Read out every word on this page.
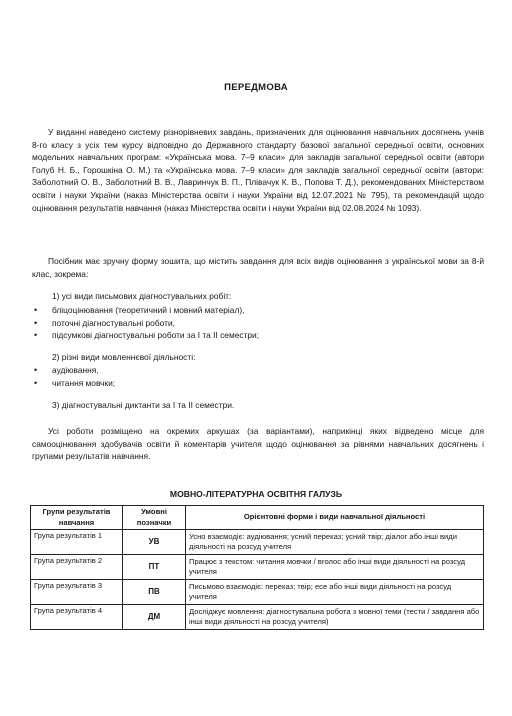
ПЕРЕДМОВА

У виданні наведено систему різнорівневих завдань, призначених для оцінювання навчальних досягнень учнів 8-го класу з усіх тем курсу відповідно до Державного стандарту базової загальної середньої освіти, основних модельних навчальних програм: «Українська мова. 7–9 класи» для закладів загальної середньої освіти (автори Голуб Н. Б., Горошкіна О. М.) та «Українська мова. 7–9 класи» для закладів загальної середньої освіти (автори: Заболотний О. В., Заболотний В. В., Лавринчук В. П., Плівачук К. В., Попова Т. Д.), рекомендованих Міністерством освіти і науки України (наказ Міністерства освіти і науки України від 12.07.2021 № 795), та рекомендацій щодо оцінювання результатів навчання (наказ Міністерства освіти і науки України від 02.08.2024 № 1093).

Посібник має зручну форму зошита, що містить завдання для всіх видів оцінювання з української мови за 8-й клас, зокрема:

1) усі види письмових діагностувальних робіт:
• бліцоцінювання (теоретичний і мовний матеріал),
• поточні діагностувальні роботи,
• підсумкові діагностувальні роботи за І та ІІ семестри;
2) різні види мовленнєвої діяльності:
• аудіювання,
• читання мовчки;
3) діагностувальні диктанти за І та ІІ семестри.

Усі роботи розміщено на окремих аркушах (за варіантами), наприкінці яких відведено місце для самооцінювання здобувачів освіти й коментарів учителя щодо оцінювання за рівнями навчальних досягнень і групами результатів навчання.

МОВНО-ЛІТЕРАТУРНА ОСВІТНЯ ГАЛУЗЬ
Групи результатів навчання	Умовні позначки	Орієнтовні форми і види навчальної діяльності
Група результатів 1	УВ	Усно взаємодіє: аудіювання; усний переказ; усний твір; діалог або інші види діяльності на розсуд учителя
Група результатів 2	ПТ	Працює з текстом: читання мовчки / вголос або інші види діяльності на розсуд учителя
Група результатів 3	ПВ	Письмово взаємодіє: переказ; твір; есе або інші види діяльності на розсуд учителя
Група результатів 4	ДМ	Досліджує мовлення: діагностувальна робота з мовної теми (тести / завдання або інші види діяльності на розсуд учителя)
